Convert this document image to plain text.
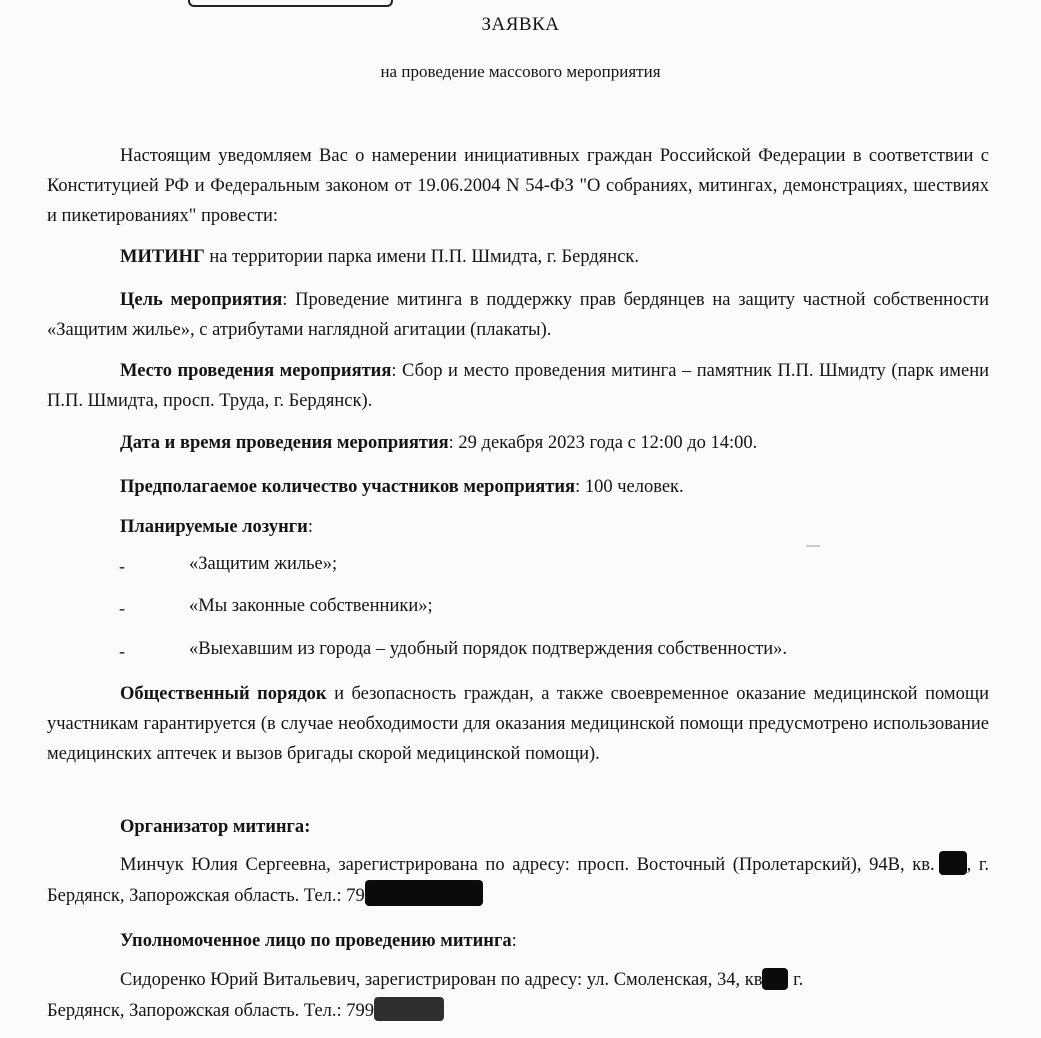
ЗАЯВКА
на проведение массового мероприятия
Настоящим уведомляем Вас о намерении инициативных граждан Российской Федерации в соответствии с Конституцией РФ и Федеральным законом от 19.06.2004 N 54-ФЗ "О собраниях, митингах, демонстрациях, шествиях и пикетированиях" провести:
МИТИНГ на территории парка имени П.П. Шмидта, г. Бердянск.
Цель мероприятия: Проведение митинга в поддержку прав бердянцев на защиту частной собственности «Защитим жилье», с атрибутами наглядной агитации (плакаты).
Место проведения мероприятия: Сбор и место проведения митинга – памятник П.П. Шмидту (парк имени П.П. Шмидта, просп. Труда, г. Бердянск).
Дата и время проведения мероприятия: 29 декабря 2023 года с 12:00 до 14:00.
Предполагаемое количество участников мероприятия: 100 человек.
Планируемые лозунги:
-	«Защитим жилье»;
-	«Мы законные собственники»;
-	«Выехавшим из города – удобный порядок подтверждения собственности».
Общественный порядок и безопасность граждан, а также своевременное оказание медицинской помощи участникам гарантируется (в случае необходимости для оказания медицинской помощи предусмотрено использование медицинских аптечек и вызов бригады скорой медицинской помощи).
Организатор митинга:
Минчук Юлия Сергеевна, зарегистрирована по адресу: просп. Восточный (Пролетарский), 94В, кв. , г. Бердянск, Запорожская область. Тел.: 79
Уполномоченное лицо по проведению митинга:
Сидоренко Юрий Витальевич, зарегистрирован по адресу: ул. Смоленская, 34, кв г.
Бердянск, Запорожская область. Тел.: 799
